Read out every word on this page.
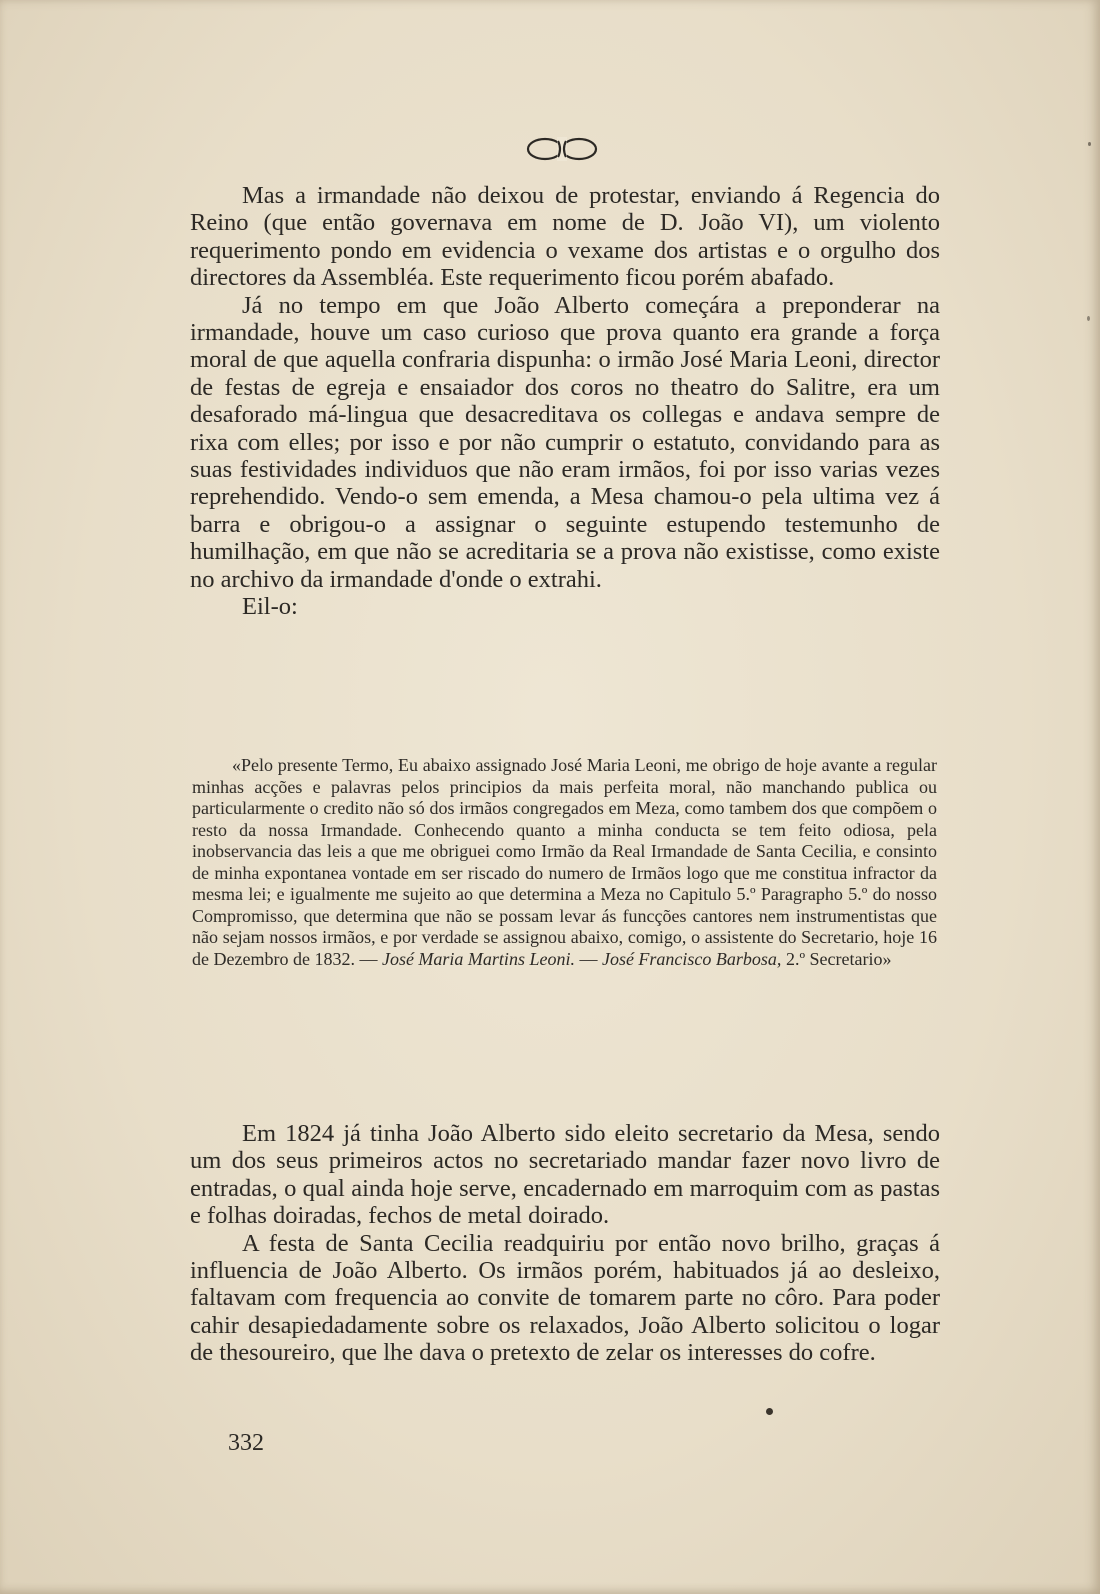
Mas a irmandade não deixou de protestar, enviando á Regencia do Reino (que então governava em nome de D. João VI), um violento requerimento pondo em evidencia o vexame dos artistas e o orgulho dos directores da Assembléa. Este requerimento ficou porém abafado.

Já no tempo em que João Alberto começára a preponderar na irmandade, houve um caso curioso que prova quanto era grande a força moral de que aquella confraria dispunha: o irmão José Maria Leoni, director de festas de egreja e ensaiador dos coros no theatro do Salitre, era um desaforado má-lingua que desacreditava os collegas e andava sempre de rixa com elles; por isso e por não cumprir o estatuto, convidando para as suas festividades individuos que não eram irmãos, foi por isso varias vezes reprehendido. Vendo-o sem emenda, a Mesa chamou-o pela ultima vez á barra e obrigou-o a assignar o seguinte estupendo testemunho de humilhação, em que não se acreditaria se a prova não existisse, como existe no archivo da irmandade d'onde o extrahi.

Eil-o:

«Pelo presente Termo, Eu abaixo assignado José Maria Leoni, me obrigo de hoje avante a regular minhas acções e palavras pelos principios da mais perfeita moral, não manchando publica ou particularmente o credito não só dos irmãos congregados em Meza, como tambem dos que compõem o resto da nossa Irmandade. Conhecendo quanto a minha conducta se tem feito odiosa, pela inobservancia das leis a que me obriguei como Irmão da Real Irmandade de Santa Cecilia, e consinto de minha expontanea vontade em ser riscado do numero de Irmãos logo que me constitua infractor da mesma lei; e igualmente me sujeito ao que determina a Meza no Capitulo 5.º Paragrapho 5.º do nosso Compromisso, que determina que não se possam levar ás funcções cantores nem instrumentistas que não sejam nossos irmãos, e por verdade se assignou abaixo, comigo, o assistente do Secretario, hoje 16 de Dezembro de 1832. — José Maria Martins Leoni. — José Francisco Barbosa, 2.º Secretario»

Em 1824 já tinha João Alberto sido eleito secretario da Mesa, sendo um dos seus primeiros actos no secretariado mandar fazer novo livro de entradas, o qual ainda hoje serve, encadernado em marroquim com as pastas e folhas doiradas, fechos de metal doirado.

A festa de Santa Cecilia readquiriu por então novo brilho, graças á influencia de João Alberto. Os irmãos porém, habituados já ao desleixo, faltavam com frequencia ao convite de tomarem parte no côro. Para poder cahir desapiedadamente sobre os relaxados, João Alberto solicitou o logar de thesoureiro, que lhe dava o pretexto de zelar os interesses do cofre.

332
